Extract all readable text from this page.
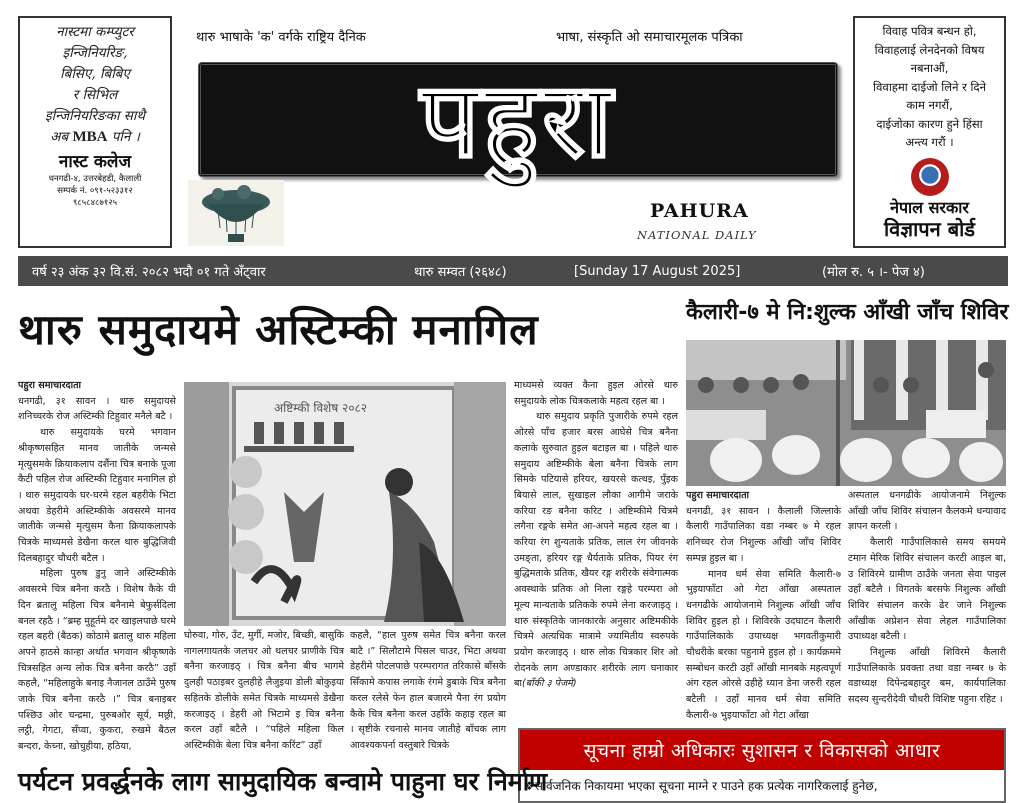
नास्टमा कम्प्युटर
इन्जिनियरिङ,
बिसिए, बिबिए
र सिभिल
इन्जिनियरिङका साथै
अब MBA पनि ।
नास्ट कलेज
धनगढी-४, उत्तरबेहडी, कैलाली
सम्पर्क नं. ०९१-५२३३१२
९८५८४८७१२५
विवाह पवित्र बन्धन हो,
विवाहलाई लेनदेनको विषय
नबनाऔं,
विवाहमा दाईजो लिने र दिने
काम नगरौं,
दाईजोका कारण हुने हिंसा
अन्त्य गरौं ।
नेपाल सरकार
विज्ञापन बोर्ड
थारु भाषाके 'क' वर्गके राष्ट्रिय दैनिक	भाषा, संस्कृति ओ समाचारमूलक पत्रिका
पहुरा
PAHURA
NATIONAL DAILY
वर्ष २३ अंक ३२ वि.सं. २०८२ भदौ ०१ गते अँट्वार	थारु सम्वत (२६४८)	[Sunday 17 August 2025]	(मोल रु. ५ ।- पेज ४)
थारु समुदायमे अस्टिम्की मनागिल
पहुरा समाचारदाता

धनगढी, ३१ सावन । थारु समुदायसे शनिच्चरके रोज अस्टिम्की टिहुवार मनैले बटै ।

थारु समुदायके घरमे भगवान श्रीकृष्णसहित मानव जातीके जन्मसे मृत्युसमके क्रियाकलाप दर्शैना चित्र बनाके पूजा कैटी पहिल रोज अस्टिम्की टिहुवार मनागिल हो । थारु समुदायके घर-घरमे रहल बहरीके भिटा अथवा डेहरीमे अस्टिम्कीके अवसरमे मानव जातीके जन्मसे मृत्युसम कैना क्रियाकलापके चित्रके माध्यमसे डेखैना करल थारु बुद्धिजिवी दिलबहादुर चौधरी बटैल ।

महिला पुरुष डुनु जाने अस्टिम्कीके अवसरमे चित्र बनैना करठै । विशेष कैके यी दिन ब्रतालु महिला चित्र बनैनामे बेफुर्सदिला बनल रहठै । “ब्रम्ह मुहूर्तमे दर खाइलपाछे घरमे रहल बहरी (बैठक) कोठामे ब्रतालु थारु महिला अपने हाठसे कान्हा अर्थात भगवान श्रीकृष्णके चित्रसहित अन्य लोक चित्र बनैना करठै” उहाँ कहलै, “महिलाहुके बनाइ नैजानल ठाउँमे पुरुष जाके चित्र बनैना करठै ।” चित्र बनाइबर पश्छिउ ओर चन्द्रमा, पुरुबओर सूर्य, मछ्री, लट्ठी, गेगटा, सँप्वा, कुकरा, रुखमे बैठल बन्दरा, केच्ना, खोचुहीया, हठिया,

अष्टिम्की विशेष २०८२

घोरुवा, गोरु, उँट, मुर्गी, मजोर, बिच्छी, बासुकि नागलगायतके जलचर ओ थलचर प्राणीके चित्र बनैना करजाइठ् । चित्र बनैना बीच भागमे दुलही पठाइबर दुलहीहे लैजुइया डोली बोकुइया सहितके डोलीके समेत चित्रके माध्यमसे डेखैना करजाइठ् । डेहरी ओ भिटामे इ चित्र बनैना करल उहाँ बटैलै । “पहिले महिला किल अस्टिम्कीके बेला चित्र बनैना करिंट” उहाँ

कहलै, “हाल पुरुष समेत चित्र बनैना करल बाटै ।” सिलौटामे पिसल चाउर, भिटा अथवा डेहरीमे पोटलपाछे परम्परागत तरिकासे बाँसके सिँकामे कपास लगाके रंगमे डुबाके चित्र बनैना करल रलेसे फेन हाल बजारमे पैना रंग प्रयोग कैके चित्र बनैना करल उहाँके कहाइ रहल बा । सृष्टीके रचनासे मानव जातीहे बाँचक लाग आवश्यकपर्ना वस्तुबारे चित्रके

माध्यमसे व्यक्त कैना हुइल ओरसे थारु समुदायके लोक चित्रकलाके महत्व रहल बा ।

थारु समुदाय प्रकृति पुजारीके रुपमे रहल ओरसे पाँच हजार बरस आघेसे चित्र बनैना कलाके सुरुवात हुइल बटाइल बा । पहिले थारु समुदाय अष्टिम्कीके बेला बनैना चित्रके लाग सिमके पटियासे हरियर, खयरसे कत्थइ, पुँइक बियासे लाल, सुखाइल लौका आगीमे जराके करिया रङ बनैना करिट । अष्टिम्कीमे चित्रमे लगैना रङ्गके समेत आ-अपने महत्व रहल बा । करिया रंग शुन्यताके प्रतिक, लाल रंग जीवनके उमङ्ता, हरियर रङ्ग धैर्यताके प्रतिक, पियर रंग बुद्धिमताके प्रतिक, खैयर रङ्ग शरीरके संवेगात्मक अवस्थाके प्रतिक ओ निला रङ्गहे परम्परा ओ मूल्य मान्यताके प्रतिकके रुपमे लेना करजाइठ् । थारु संस्कृतिके जानकारके अनुसार अष्टिमकीके चित्रमे अत्यधिक मात्रामे ज्यामितीय स्वरुपके प्रयोग करजाइठ् । थारु लोक चित्रकार शिर ओ रोदनके लाग अण्डाकार शरीरके लाग घनाकार बा(बाँकी ३ पेजमे)

कैलारी-७ मे नि:शुल्क आँखी जाँच शिविर
पहुरा समाचारदाता

धनगढी, ३१ सावन । कैलाली जिल्लाके कैलारी गाउँपालिका वडा नम्बर ७ मे रहल शनिच्चर रोज निशुल्क आँखी जाँच शिविर सम्पन्न हुइल बा ।

मानव धर्म सेवा समिति कैलारी-७ भुइयाफाँटा ओ गेटा आँखा अस्पताल धनगढीके आयोजनामे निशुल्क आँखी जाँच शिविर हुइल हो । शिविरके उदघाटन कैलारी गाउँपालिकाके उपाध्यक्ष भगवतीकुमारी चौधरीके बरका पहुनामे हुइल हो । कार्यक्रममे सम्बोधन करटी उहाँ आँखी मानबके महत्वपूर्ण अंग रहल ओरसे उहीहे ध्यान डेना जरुरी रहल बटैली । उहाँ मानव धर्म सेवा समिति कैलारी-७ भुइयाफाँटा ओ गेटा आँखा

अस्पताल धनगढीके आयोजनामे निशुल्क आँखी जाँच शिविर संचालन कैलकमे धन्यावाद ज्ञापन करली ।

कैलारी गाउँपालिकासे समय समयमे टमान मेरिक शिविर संचालन करटी आइल बा, उ शिविरमे ग्रामीण ठाउँके जनता सेवा पाइल उहाँ बटैलै । विगतके बरसफे निशुल्क आँखी शिविर संचालन करके ढेर जाने निशुल्क आँखीक अप्रेशन सेवा लेहल गाउँपालिका उपाध्यक्ष बटैली ।

निशुल्क आँखी शिविरमे कैलारी गाउँपालिकाके प्रवक्ता तथा वडा नम्बर ७ के वडाध्यक्ष दिपेन्द्रबहादुर बम, कार्यपालिका सदस्य सुन्दरीदेवी चौधरी विशिष्ट पहुना रहिट ।

सूचना हाम्रो अधिकारः सुशासन र विकासको आधार
❖सार्वजनिक निकायमा भएका सूचना माग्ने र पाउने हक प्रत्येक नागरिकलाई हुनेछ,
पर्यटन प्रवर्द्धनके लाग सामुदायिक बन्वामे पाहुना घर निर्माण
